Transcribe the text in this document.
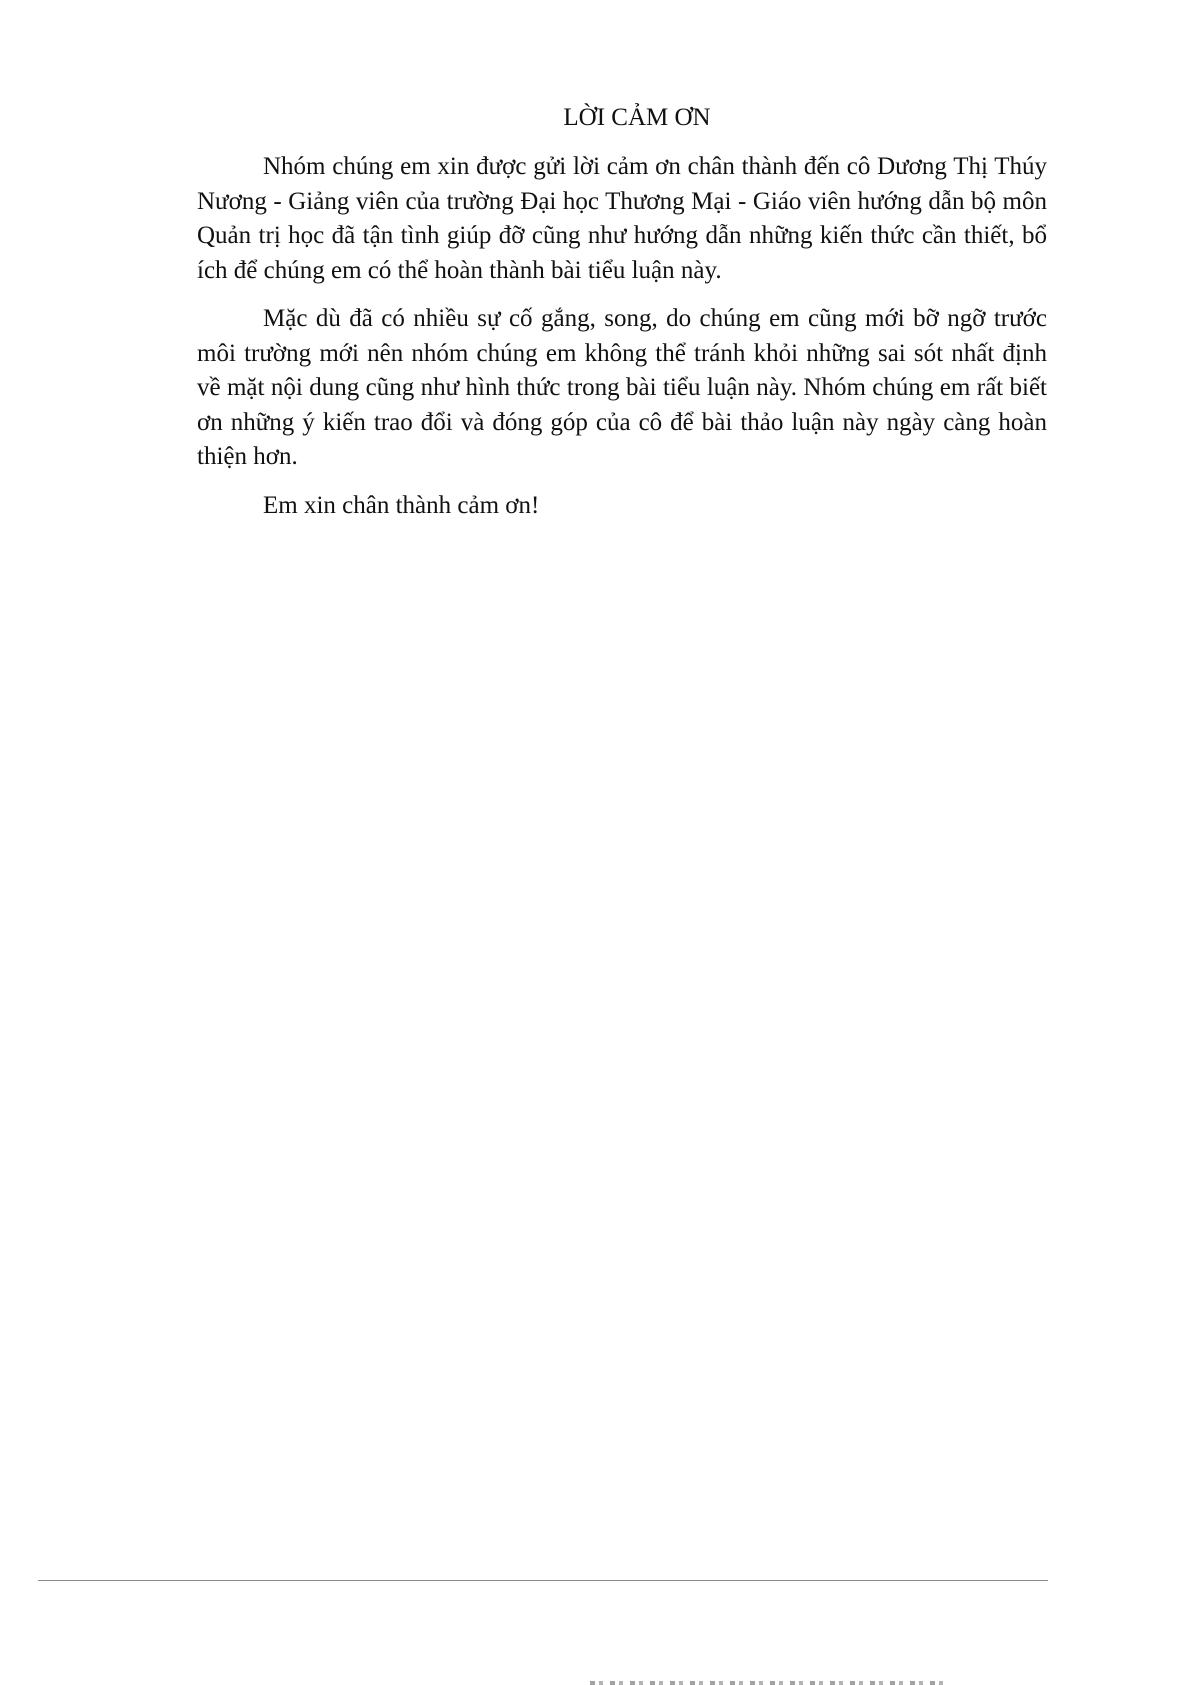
LỜI CẢM ƠN

Nhóm chúng em xin được gửi lời cảm ơn chân thành đến cô Dương Thị Thúy Nương - Giảng viên của trường Đại học Thương Mại - Giáo viên hướng dẫn bộ môn Quản trị học đã tận tình giúp đỡ cũng như hướng dẫn những kiến thức cần thiết, bổ ích để chúng em có thể hoàn thành bài tiểu luận này.

Mặc dù đã có nhiều sự cố gắng, song, do chúng em cũng mới bỡ ngỡ trước môi trường mới nên nhóm chúng em không thể tránh khỏi những sai sót nhất định về mặt nội dung cũng như hình thức trong bài tiểu luận này. Nhóm chúng em rất biết ơn những ý kiến trao đổi và đóng góp của cô để bài thảo luận này ngày càng hoàn thiện hơn.

Em xin chân thành cảm ơn!
